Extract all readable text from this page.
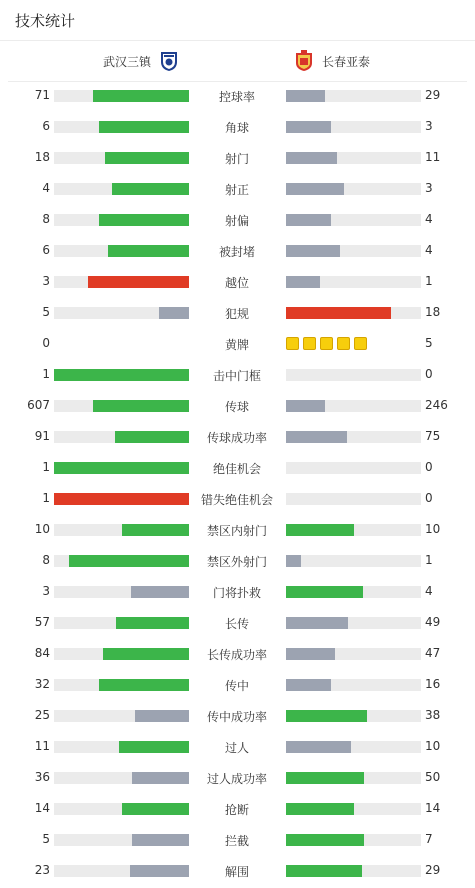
技术统计
武汉三镇	长春亚泰
71	控球率	29
6	角球	3
18	射门	11
4	射正	3
8	射偏	4
6	被封堵	4
3	越位	1
5	犯规	18
0	黄牌	5
1	击中门框	0
607	传球	246
91	传球成功率	75
1	绝佳机会	0
1	错失绝佳机会	0
10	禁区内射门	10
8	禁区外射门	1
3	门将扑救	4
57	长传	49
84	长传成功率	47
32	传中	16
25	传中成功率	38
11	过人	10
36	过人成功率	50
14	抢断	14
5	拦截	7
23	解围	29
